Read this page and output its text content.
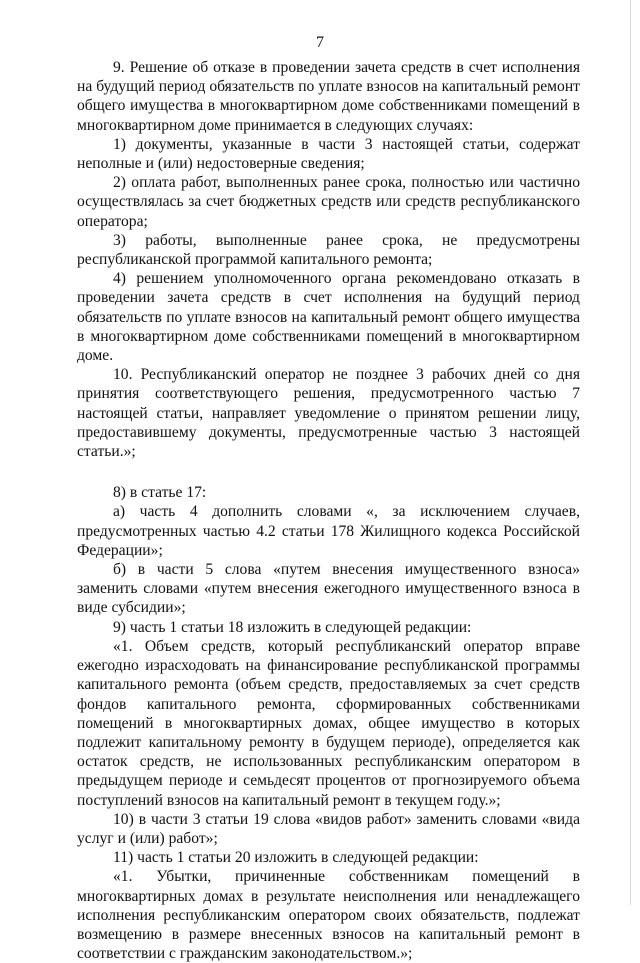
7

9. Решение об отказе в проведении зачета средств в счет исполнения на будущий период обязательств по уплате взносов на капитальный ремонт общего имущества в многоквартирном доме собственниками помещений в многоквартирном доме принимается в следующих случаях:

1) документы, указанные в части 3 настоящей статьи, содержат неполные и (или) недостоверные сведения;

2) оплата работ, выполненных ранее срока, полностью или частично осуществлялась за счет бюджетных средств или средств республиканского оператора;

3) работы, выполненные ранее срока, не предусмотрены республиканской программой капитального ремонта;

4) решением уполномоченного органа рекомендовано отказать в проведении зачета средств в счет исполнения на будущий период обязательств по уплате взносов на капитальный ремонт общего имущества в многоквартирном доме собственниками помещений в многоквартирном доме.

10. Республиканский оператор не позднее 3 рабочих дней со дня принятия соответствующего решения, предусмотренного частью 7 настоящей статьи, направляет уведомление о принятом решении лицу, предоставившему документы, предусмотренные частью 3 настоящей статьи.»;

8) в статье 17:

а) часть 4 дополнить словами «, за исключением случаев, предусмотренных частью 4.2 статьи 178 Жилищного кодекса Российской Федерации»;

б) в части 5 слова «путем внесения имущественного взноса» заменить словами «путем внесения ежегодного имущественного взноса в виде субсидии»;

9) часть 1 статьи 18 изложить в следующей редакции:

«1. Объем средств, который республиканский оператор вправе ежегодно израсходовать на финансирование республиканской программы капитального ремонта (объем средств, предоставляемых за счет средств фондов капитального ремонта, сформированных собственниками помещений в многоквартирных домах, общее имущество в которых подлежит капитальному ремонту в будущем периоде), определяется как остаток средств, не использованных республиканским оператором в предыдущем периоде и семьдесят процентов от прогнозируемого объема поступлений взносов на капитальный ремонт в текущем году.»;

10) в части 3 статьи 19 слова «видов работ» заменить словами «вида услуг и (или) работ»;

11) часть 1 статьи 20 изложить в следующей редакции:

«1. Убытки, причиненные собственникам помещений в многоквартирных домах в результате неисполнения или ненадлежащего исполнения республиканским оператором своих обязательств, подлежат возмещению в размере внесенных взносов на капитальный ремонт в соответствии с гражданским законодательством.»;
